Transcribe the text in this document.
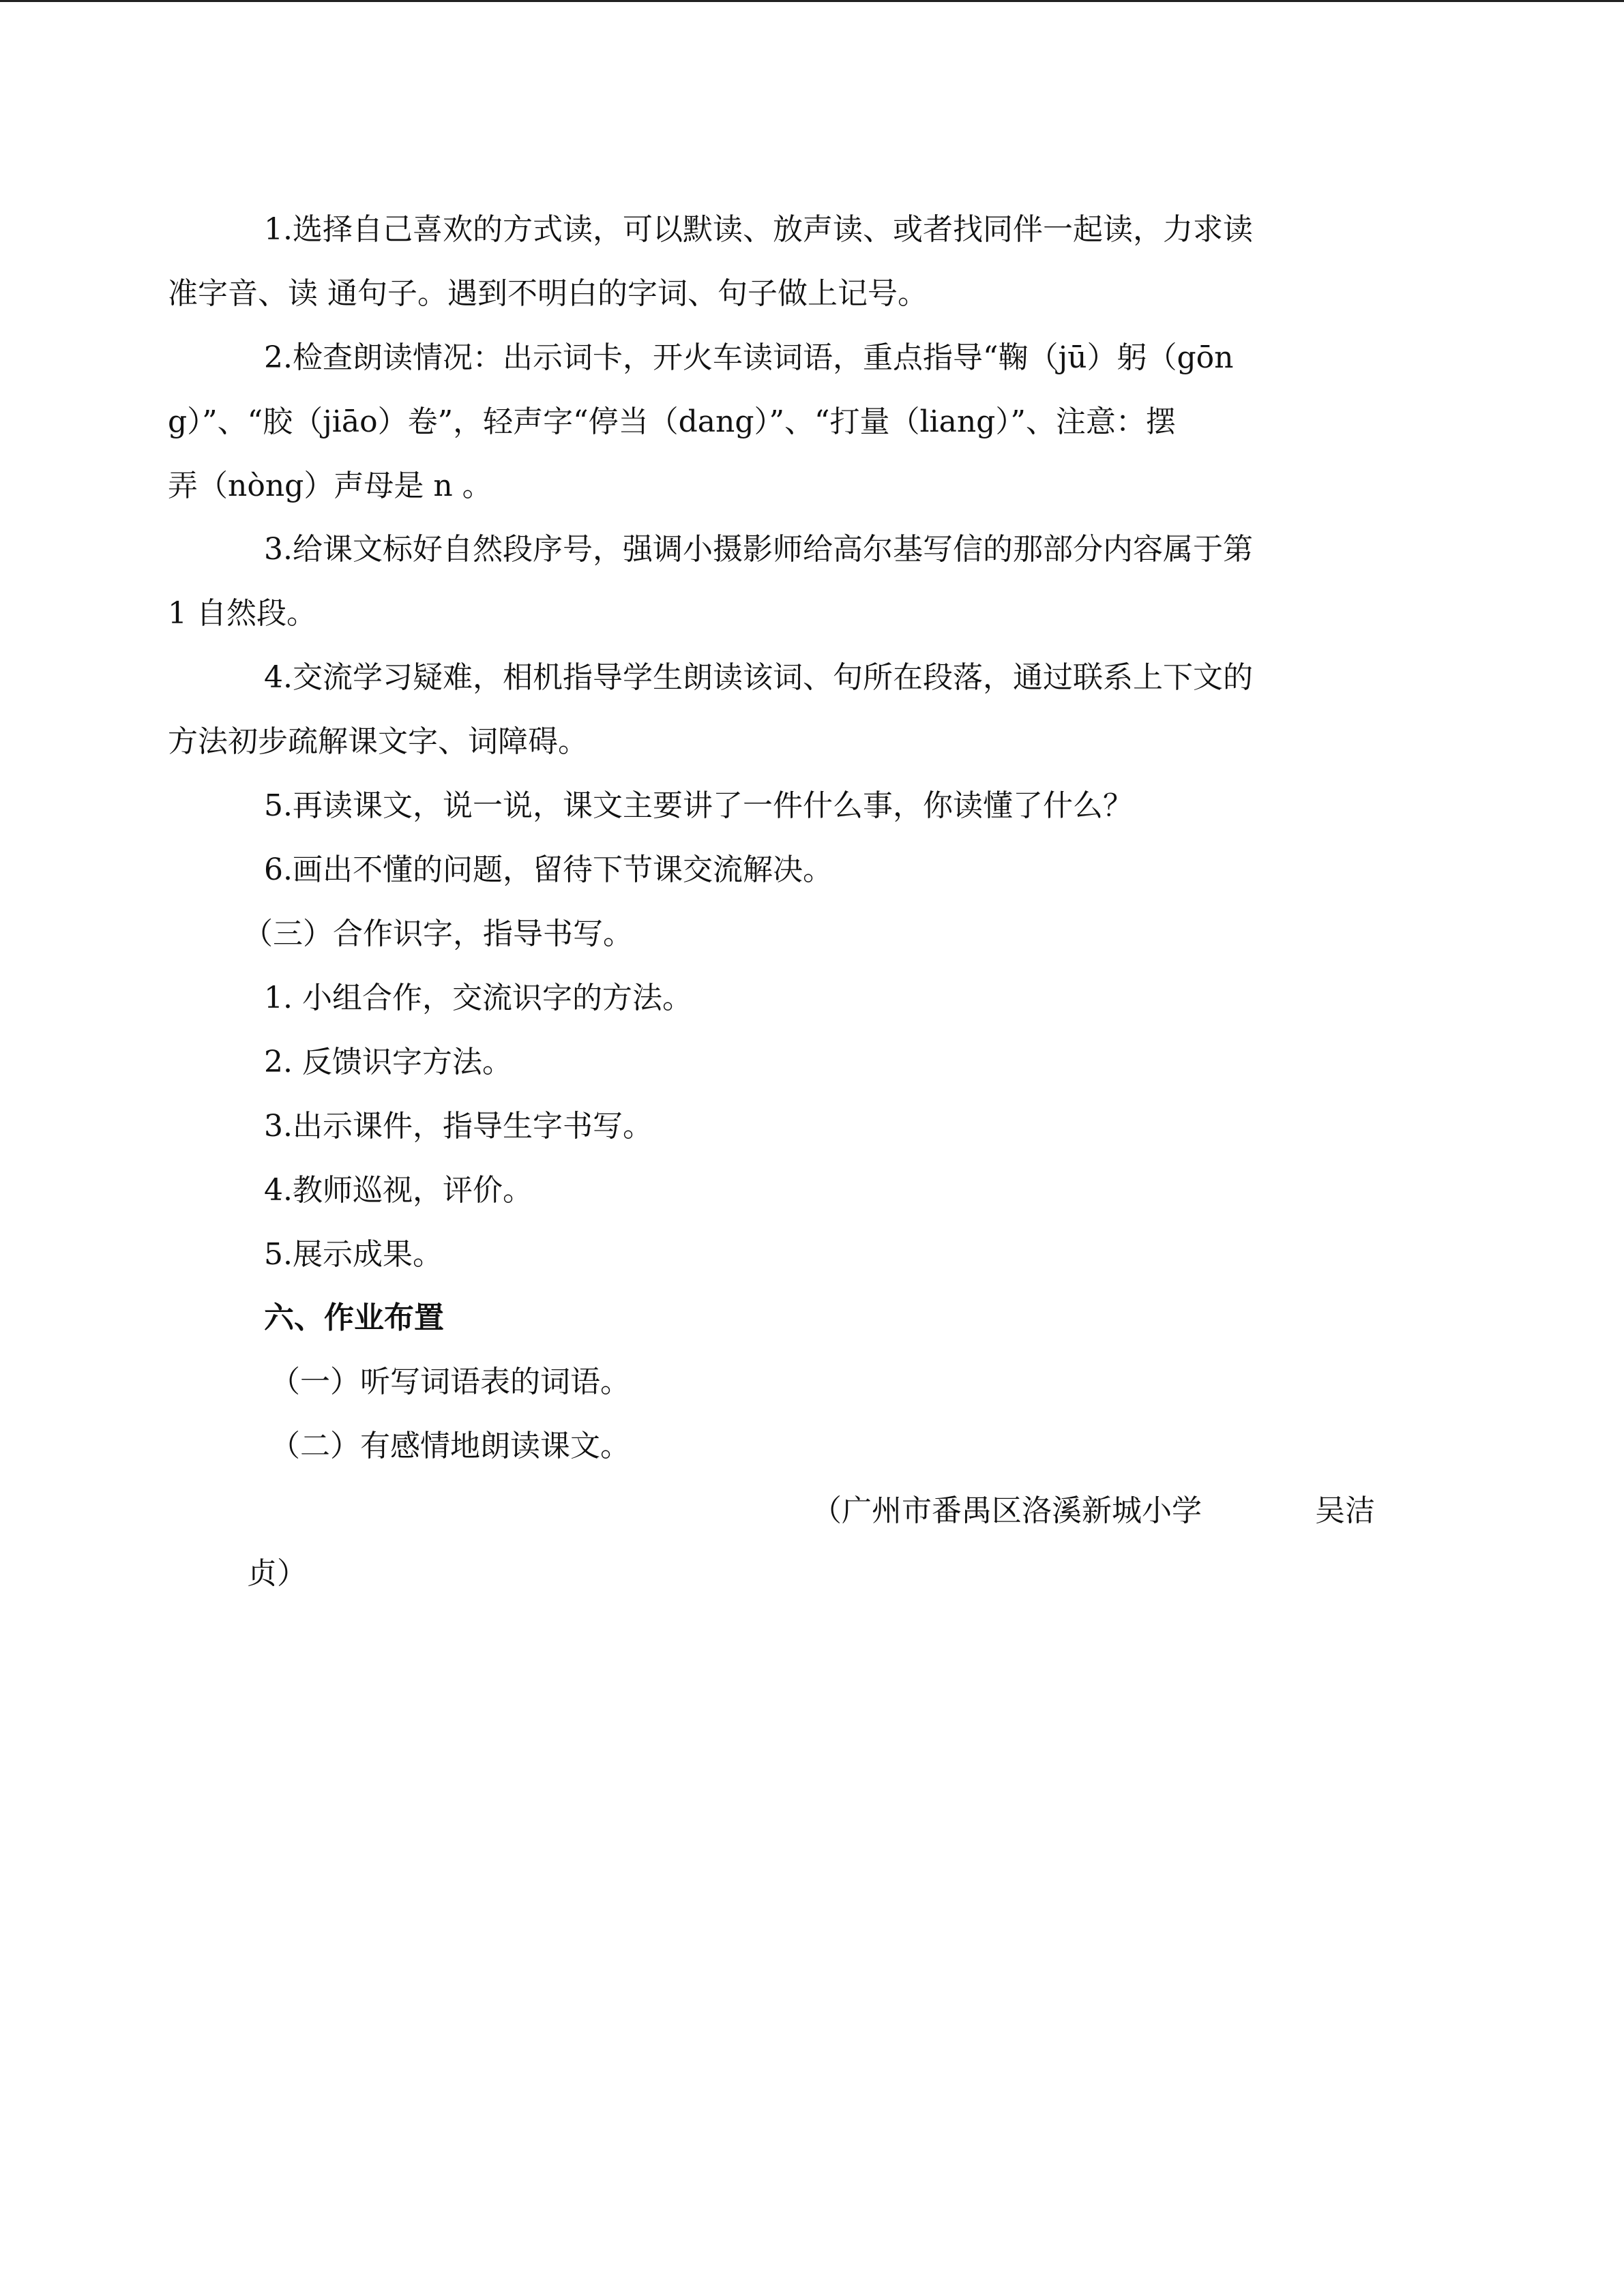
1.选择自己喜欢的方式读，可以默读、放声读、或者找同伴一起读，力求读
准字音、读 通句子。遇到不明白的字词、句子做上记号。
2.检查朗读情况：出示词卡，开火车读词语，重点指导“鞠（jū）躬（gōn
g）”、“胶（jiāo）卷”，轻声字“停当（dang）”、“打量（liang）”、注意：摆
弄（nòng）声母是 n 。
3.给课文标好自然段序号，强调小摄影师给高尔基写信的那部分内容属于第
1 自然段。
4.交流学习疑难，相机指导学生朗读该词、句所在段落，通过联系上下文的
方法初步疏解课文字、词障碍。
5.再读课文，说一说，课文主要讲了一件什么事，你读懂了什么？
6.画出不懂的问题，留待下节课交流解决。
（三）合作识字，指导书写。
1. 小组合作，交流识字的方法。
2. 反馈识字方法。
3.出示课件，指导生字书写。
4.教师巡视，评价。
5.展示成果。
六、作业布置
（一）听写词语表的词语。
（二）有感情地朗读课文。
（广州市番禺区洛溪新城小学	吴洁
贞）
